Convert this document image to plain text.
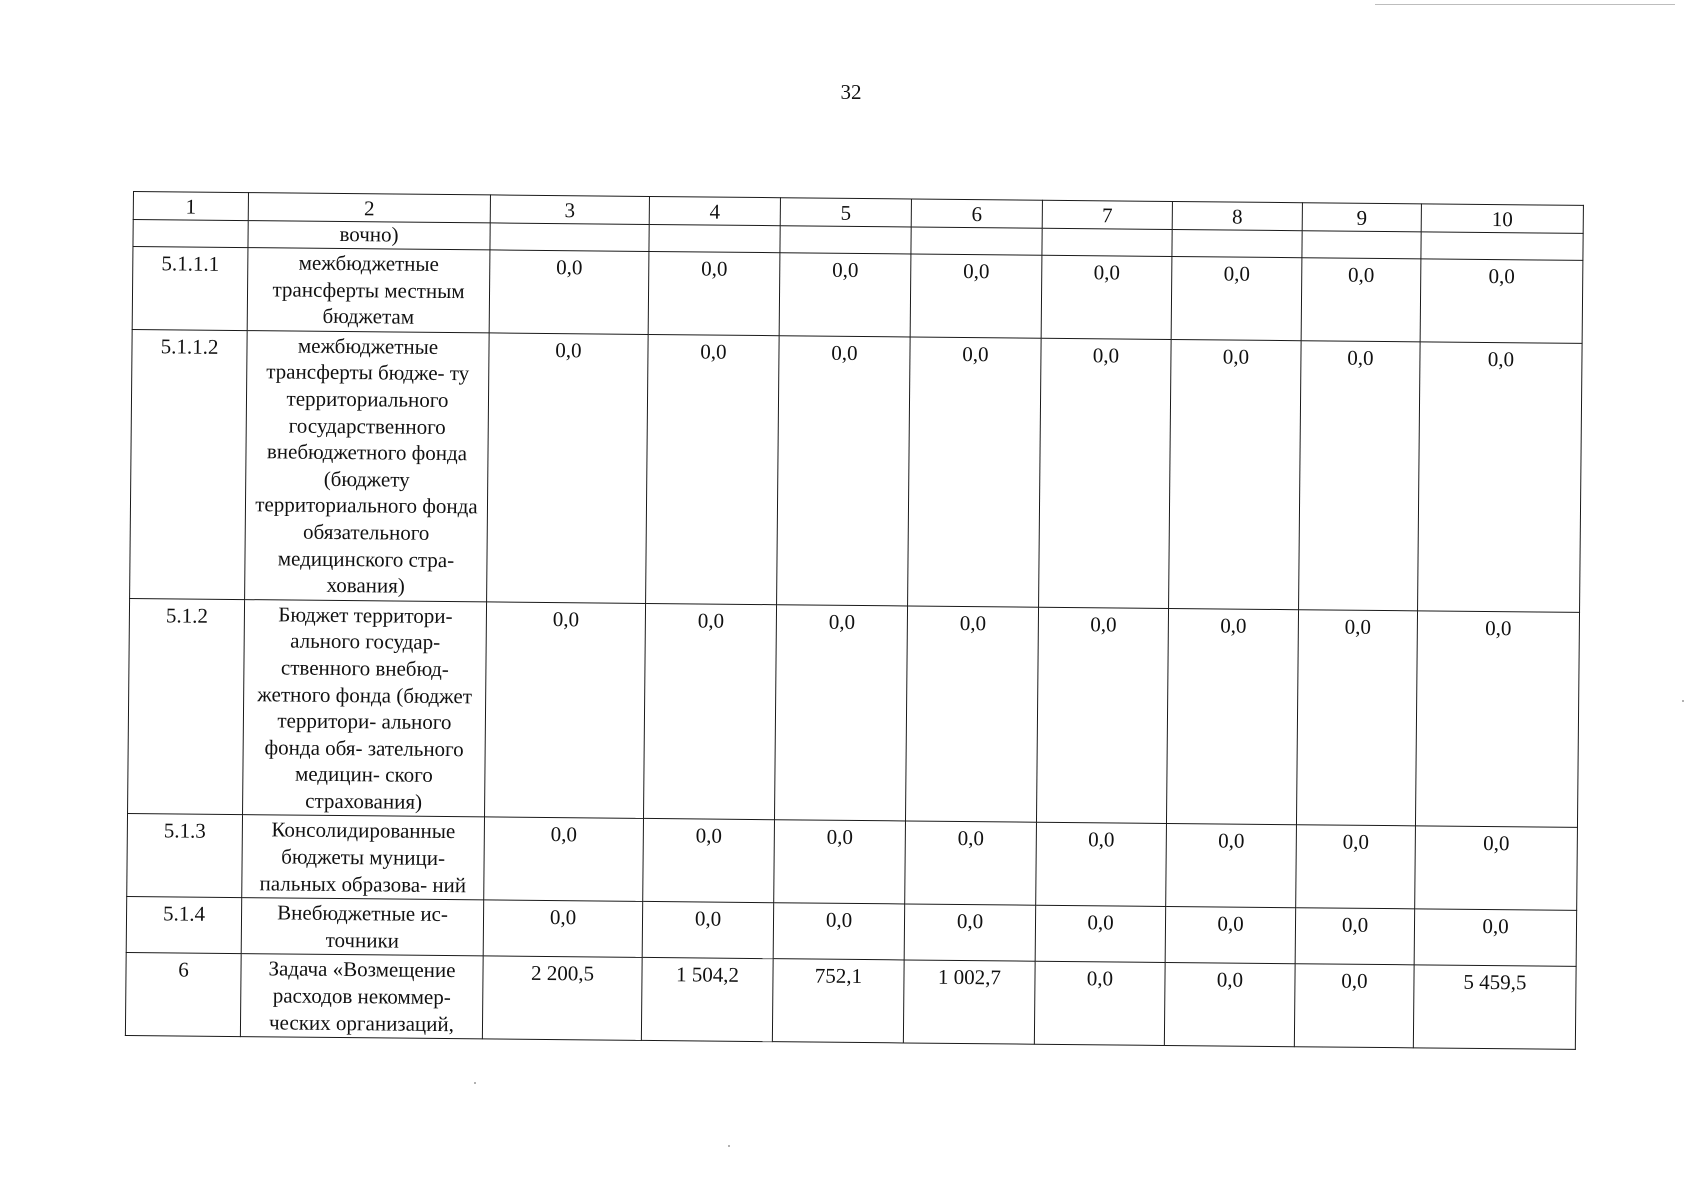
32
1	2	3	4	5	6	7	8	9	10
	вочно)								
5.1.1.1	межбюджетные трансферты местным бюджетам	0,0	0,0	0,0	0,0	0,0	0,0	0,0	0,0
5.1.1.2	межбюджетные трансферты бюдже- ту территориального государственного внебюджетного фонда (бюджету территориального фонда обязательного медицинского стра- хования)	0,0	0,0	0,0	0,0	0,0	0,0	0,0	0,0
5.1.2	Бюджет территори- ального государ- ственного внебюд- жетного фонда (бюджет территори- ального фонда обя- зательного медицин- ского страхования)	0,0	0,0	0,0	0,0	0,0	0,0	0,0	0,0
5.1.3	Консолидированные бюджеты муници- пальных образова- ний	0,0	0,0	0,0	0,0	0,0	0,0	0,0	0,0
5.1.4	Внебюджетные ис- точники	0,0	0,0	0,0	0,0	0,0	0,0	0,0	0,0
6	Задача «Возмещение расходов некоммер- ческих организаций,	2 200,5	1 504,2	752,1	1 002,7	0,0	0,0	0,0	5 459,5
